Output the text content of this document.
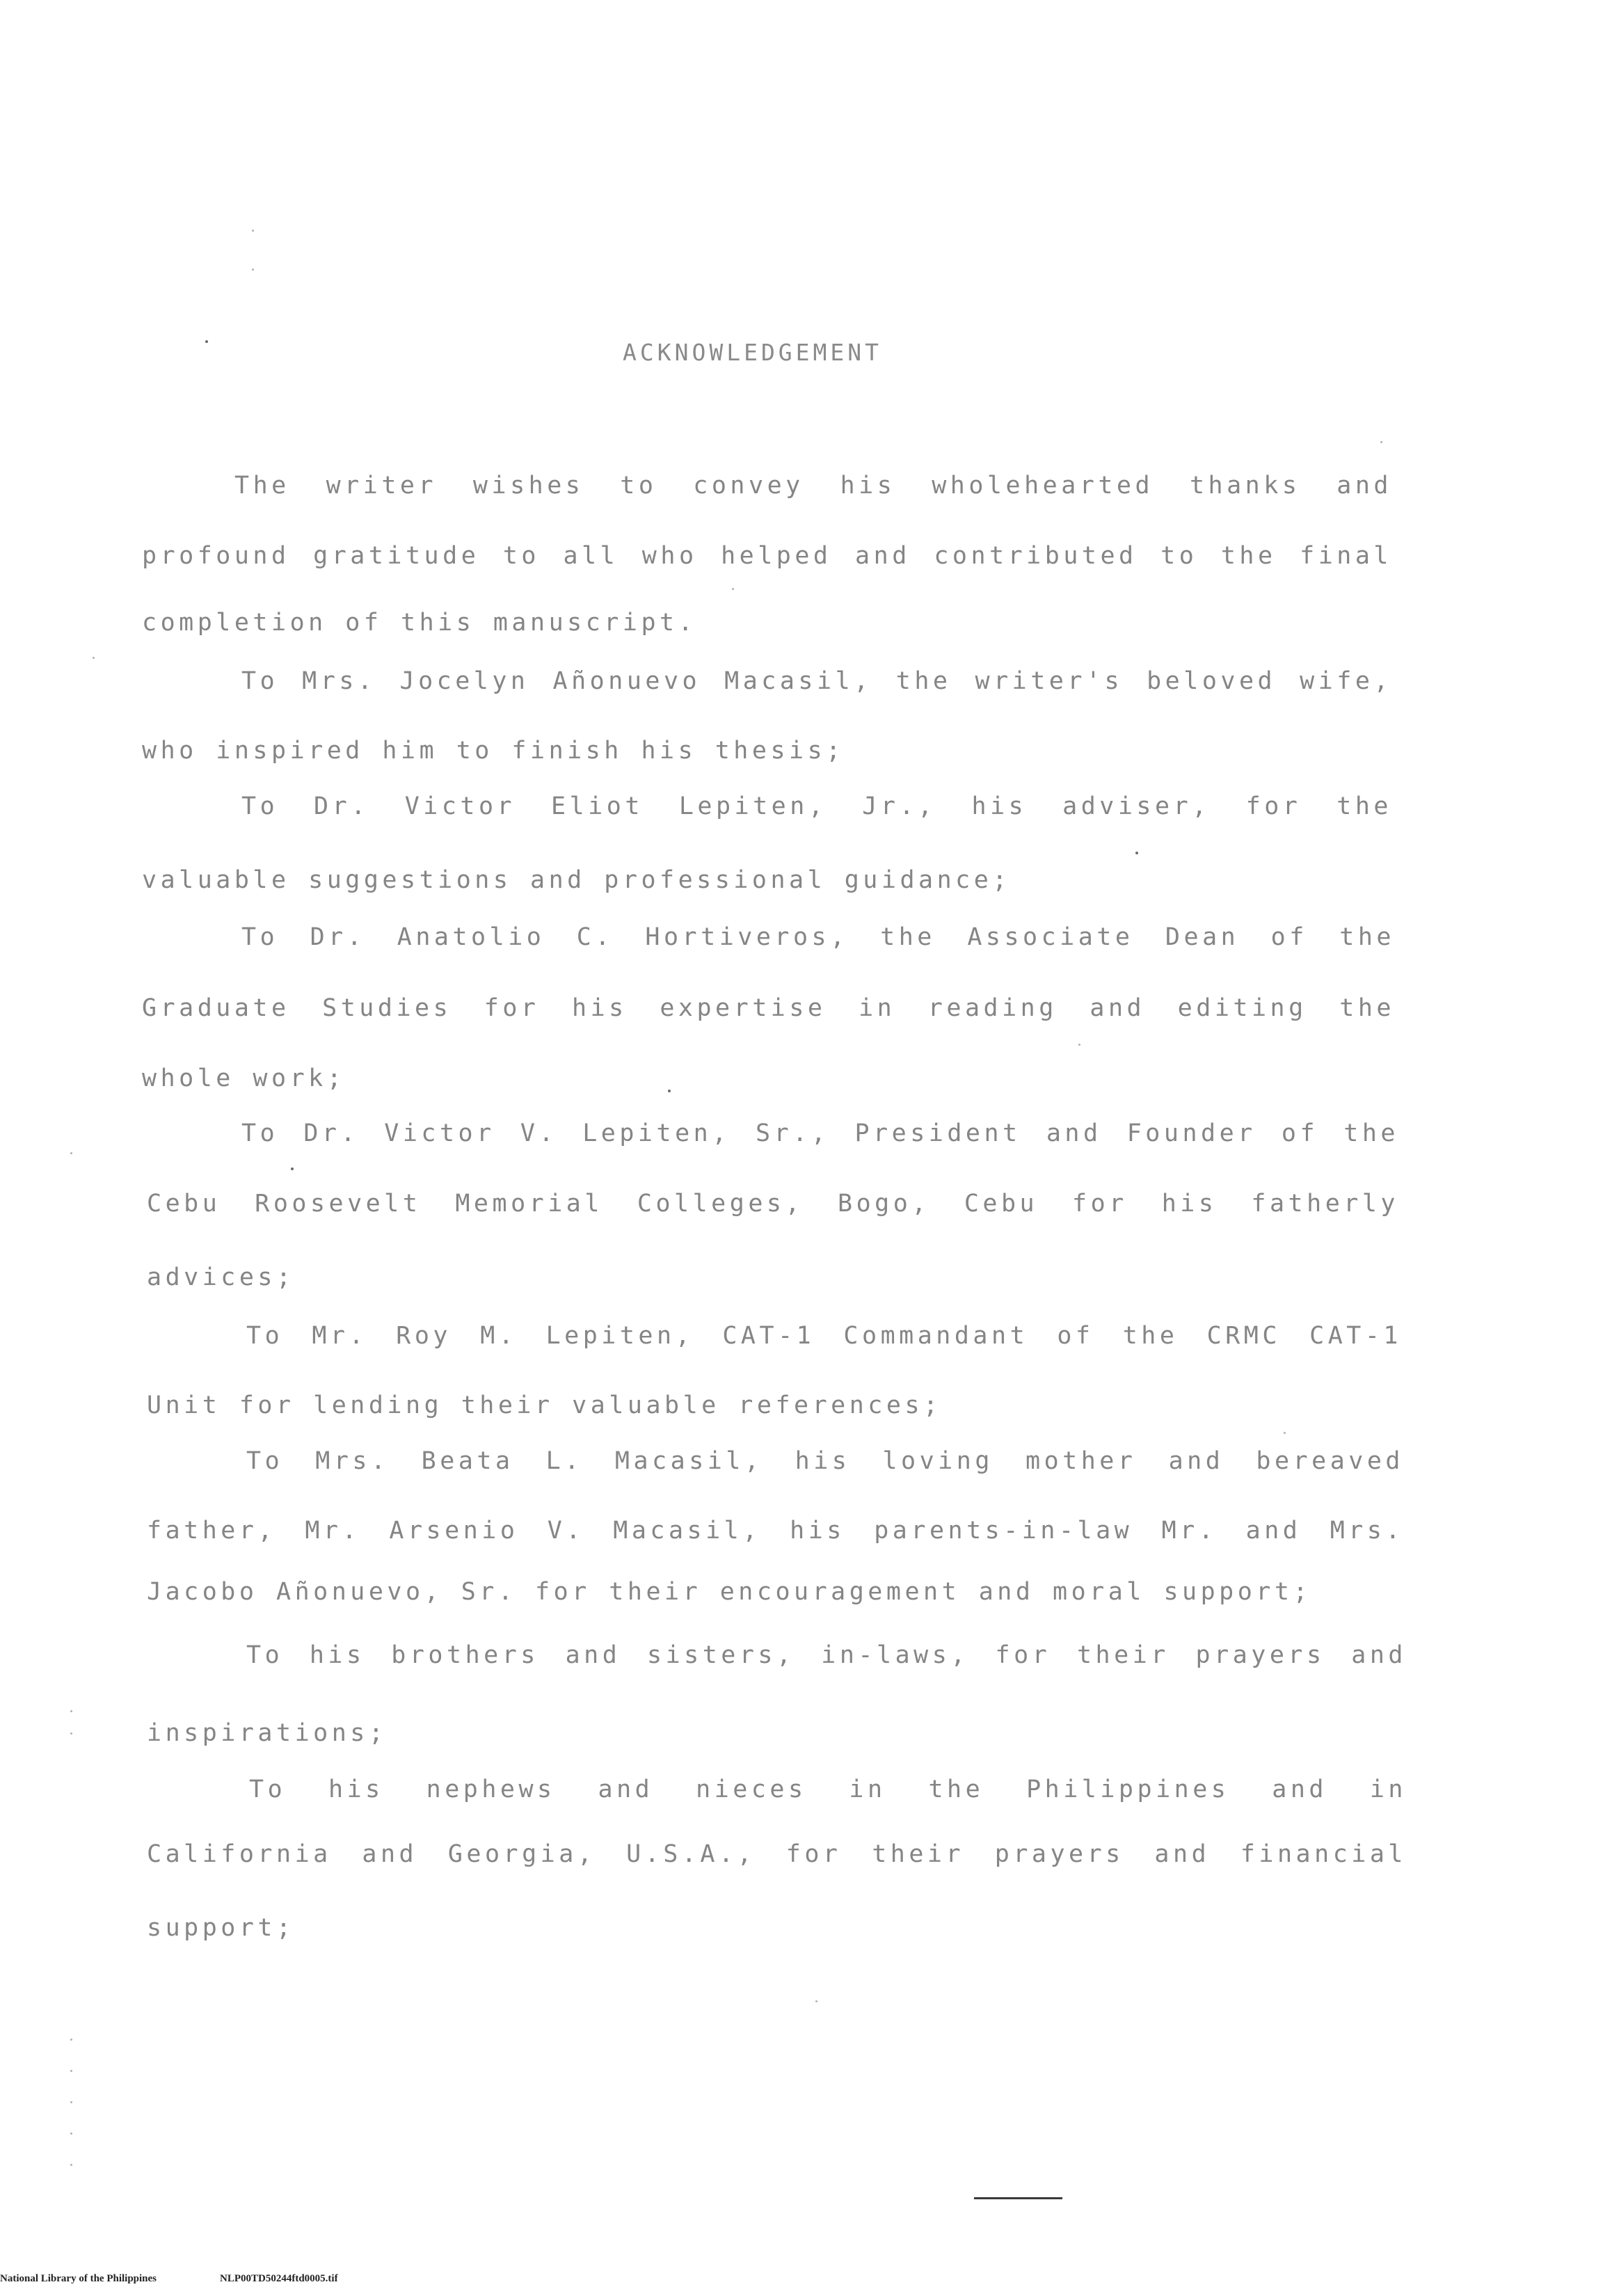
ACKNOWLEDGEMENT
The writer wishes to convey his wholehearted thanks and
profound gratitude to all who helped and contributed to the final
completion of this manuscript.
To Mrs. Jocelyn Añonuevo Macasil, the writer's beloved wife,
who inspired him to finish his thesis;
To Dr. Victor Eliot Lepiten, Jr., his adviser, for the
valuable suggestions and professional guidance;
To Dr. Anatolio C. Hortiveros, the Associate Dean of the
Graduate Studies for his expertise in reading and editing the
whole work;
To Dr. Victor V. Lepiten, Sr., President and Founder of the
Cebu Roosevelt Memorial Colleges, Bogo, Cebu for his fatherly
advices;
To Mr. Roy M. Lepiten, CAT-1 Commandant of the CRMC CAT-1
Unit for lending their valuable references;
To Mrs. Beata L. Macasil, his loving mother and bereaved
father, Mr. Arsenio V. Macasil, his parents-in-law Mr. and Mrs.
Jacobo Añonuevo, Sr. for their encouragement and moral support;
To his brothers and sisters, in-laws, for their prayers and
inspirations;
To his nephews and nieces in the Philippines and in
California and Georgia, U.S.A., for their prayers and financial
support;
National Library of the Philippines	NLP00TD50244ftd0005.tif
